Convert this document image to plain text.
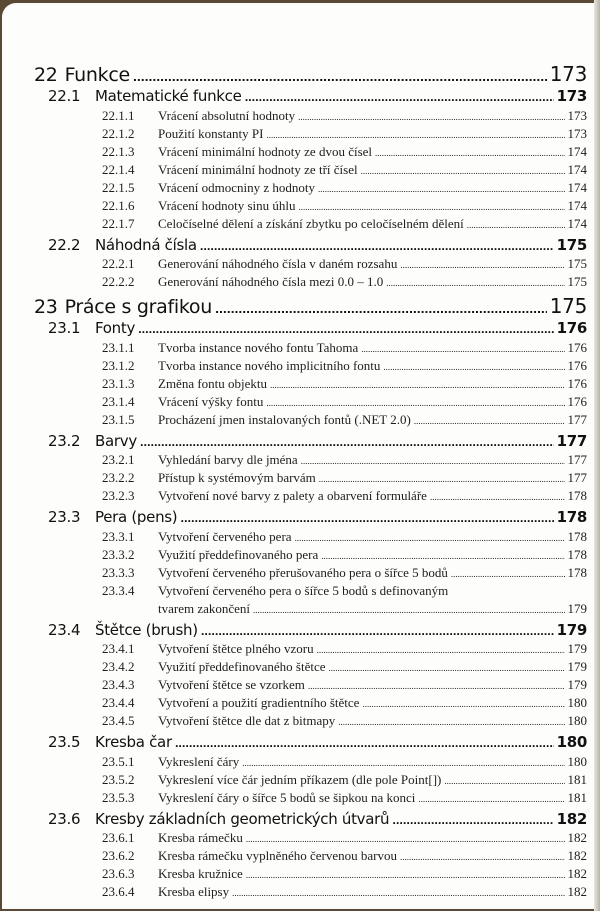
22 Funkce .....	173
22.1 Matematické funkce .....	173
22.1.1	Vrácení absolutní hodnoty .....	173
22.1.2	Použití konstanty PI .....	173
22.1.3	Vrácení minimální hodnoty ze dvou čísel .....	174
22.1.4	Vrácení minimální hodnoty ze tří čísel .....	174
22.1.5	Vrácení odmocniny z hodnoty .....	174
22.1.6	Vrácení hodnoty sinu úhlu .....	174
22.1.7	Celočíselné dělení a získání zbytku po celočíselném dělení .....	174
22.2 Náhodná čísla .....	175
22.2.1	Generování náhodného čísla v daném rozsahu .....	175
22.2.2	Generování náhodného čísla mezi 0.0 – 1.0 .....	175
23 Práce s grafikou .....	175
23.1 Fonty .....	176
23.1.1	Tvorba instance nového fontu Tahoma .....	176
23.1.2	Tvorba instance nového implicitního fontu .....	176
23.1.3	Změna fontu objektu .....	176
23.1.4	Vrácení výšky fontu .....	176
23.1.5	Procházení jmen instalovaných fontů (.NET 2.0) .....	177
23.2 Barvy .....	177
23.2.1	Vyhledání barvy dle jména .....	177
23.2.2	Přístup k systémovým barvám .....	177
23.2.3	Vytvoření nové barvy z palety a obarvení formuláře .....	178
23.3 Pera (pens) .....	178
23.3.1	Vytvoření červeného pera .....	178
23.3.2	Využití předdefinovaného pera .....	178
23.3.3	Vytvoření červeného přerušovaného pera o šířce 5 bodů .....	178
23.3.4	Vytvoření červeného pera o šířce 5 bodů s definovaným
tvarem zakončení .....	179
23.4 Štětce (brush) .....	179
23.4.1	Vytvoření štětce plného vzoru .....	179
23.4.2	Využití předdefinovaného štětce .....	179
23.4.3	Vytvoření štětce se vzorkem .....	179
23.4.4	Vytvoření a použití gradientního štětce .....	180
23.4.5	Vytvoření štětce dle dat z bitmapy .....	180
23.5 Kresba čar .....	180
23.5.1	Vykreslení čáry .....	180
23.5.2	Vykreslení více čár jedním příkazem (dle pole Point[]) .....	181
23.5.3	Vykreslení čáry o šířce 5 bodů se šipkou na konci .....	181
23.6 Kresby základních geometrických útvarů .....	182
23.6.1	Kresba rámečku .....	182
23.6.2	Kresba rámečku vyplněného červenou barvou .....	182
23.6.3	Kresba kružnice .....	182
23.6.4	Kresba elipsy .....	182
